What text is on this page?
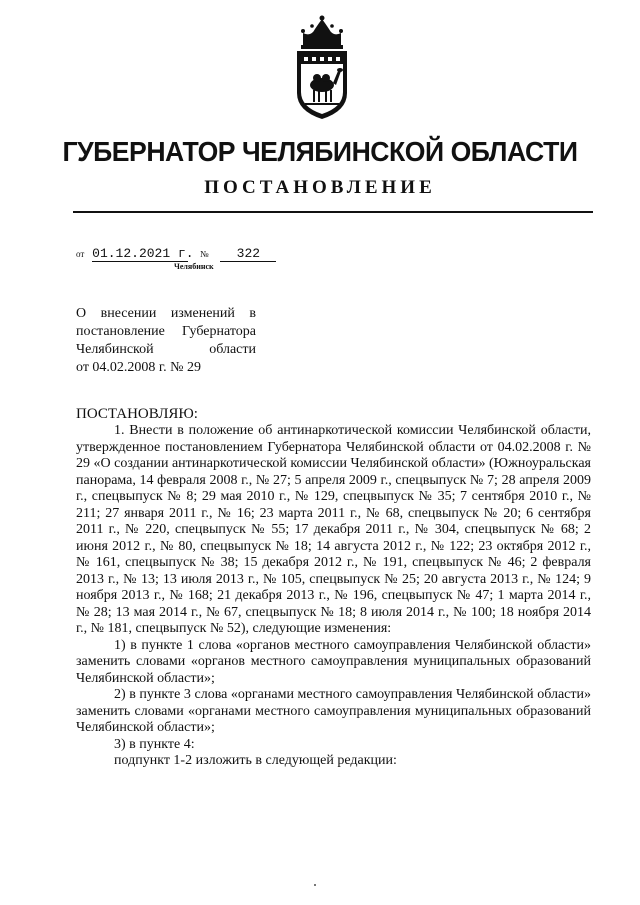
ГУБЕРНАТОР ЧЕЛЯБИНСКОЙ ОБЛАСТИ
ПОСТАНОВЛЕНИЕ
от 01.12.2021 г. № 322
Челябинск
О внесении изменений в
постановление Губернатора
Челябинской области
от 04.02.2008 г. № 29
ПОСТАНОВЛЯЮ:

1. Внести в положение об антинаркотической комиссии Челябинской области, утвержденное постановлением Губернатора Челябинской области от 04.02.2008 г. № 29 «О создании антинаркотической комиссии Челябинской области» (Южноуральская панорама, 14 февраля 2008 г., № 27; 5 апреля 2009 г., спецвыпуск № 7; 28 апреля 2009 г., спецвыпуск № 8; 29 мая 2010 г., № 129, спецвыпуск № 35; 7 сентября 2010 г., № 211; 27 января 2011 г., № 16; 23 марта 2011 г., № 68, спецвыпуск № 20; 6 сентября 2011 г., № 220, спецвыпуск № 55; 17 декабря 2011 г., № 304, спецвыпуск № 68; 2 июня 2012 г., № 80, спецвыпуск № 18; 14 августа 2012 г., № 122; 23 октября 2012 г., № 161, спецвыпуск № 38; 15 декабря 2012 г., № 191, спецвыпуск № 46; 2 февраля 2013 г., № 13; 13 июля 2013 г., № 105, спецвыпуск № 25; 20 августа 2013 г., № 124; 9 ноября 2013 г., № 168; 21 декабря 2013 г., № 196, спецвыпуск № 47; 1 марта 2014 г., № 28; 13 мая 2014 г., № 67, спецвыпуск № 18; 8 июля 2014 г., № 100; 18 ноября 2014 г., № 181, спецвыпуск № 52), следующие изменения:

1) в пункте 1 слова «органов местного самоуправления Челябинской области» заменить словами «органов местного самоуправления муниципальных образований Челябинской области»;

2) в пункте 3 слова «органами местного самоуправления Челябинской области» заменить словами «органами местного самоуправления муниципальных образований Челябинской области»;

3) в пункте 4:

подпункт 1-2 изложить в следующей редакции:
